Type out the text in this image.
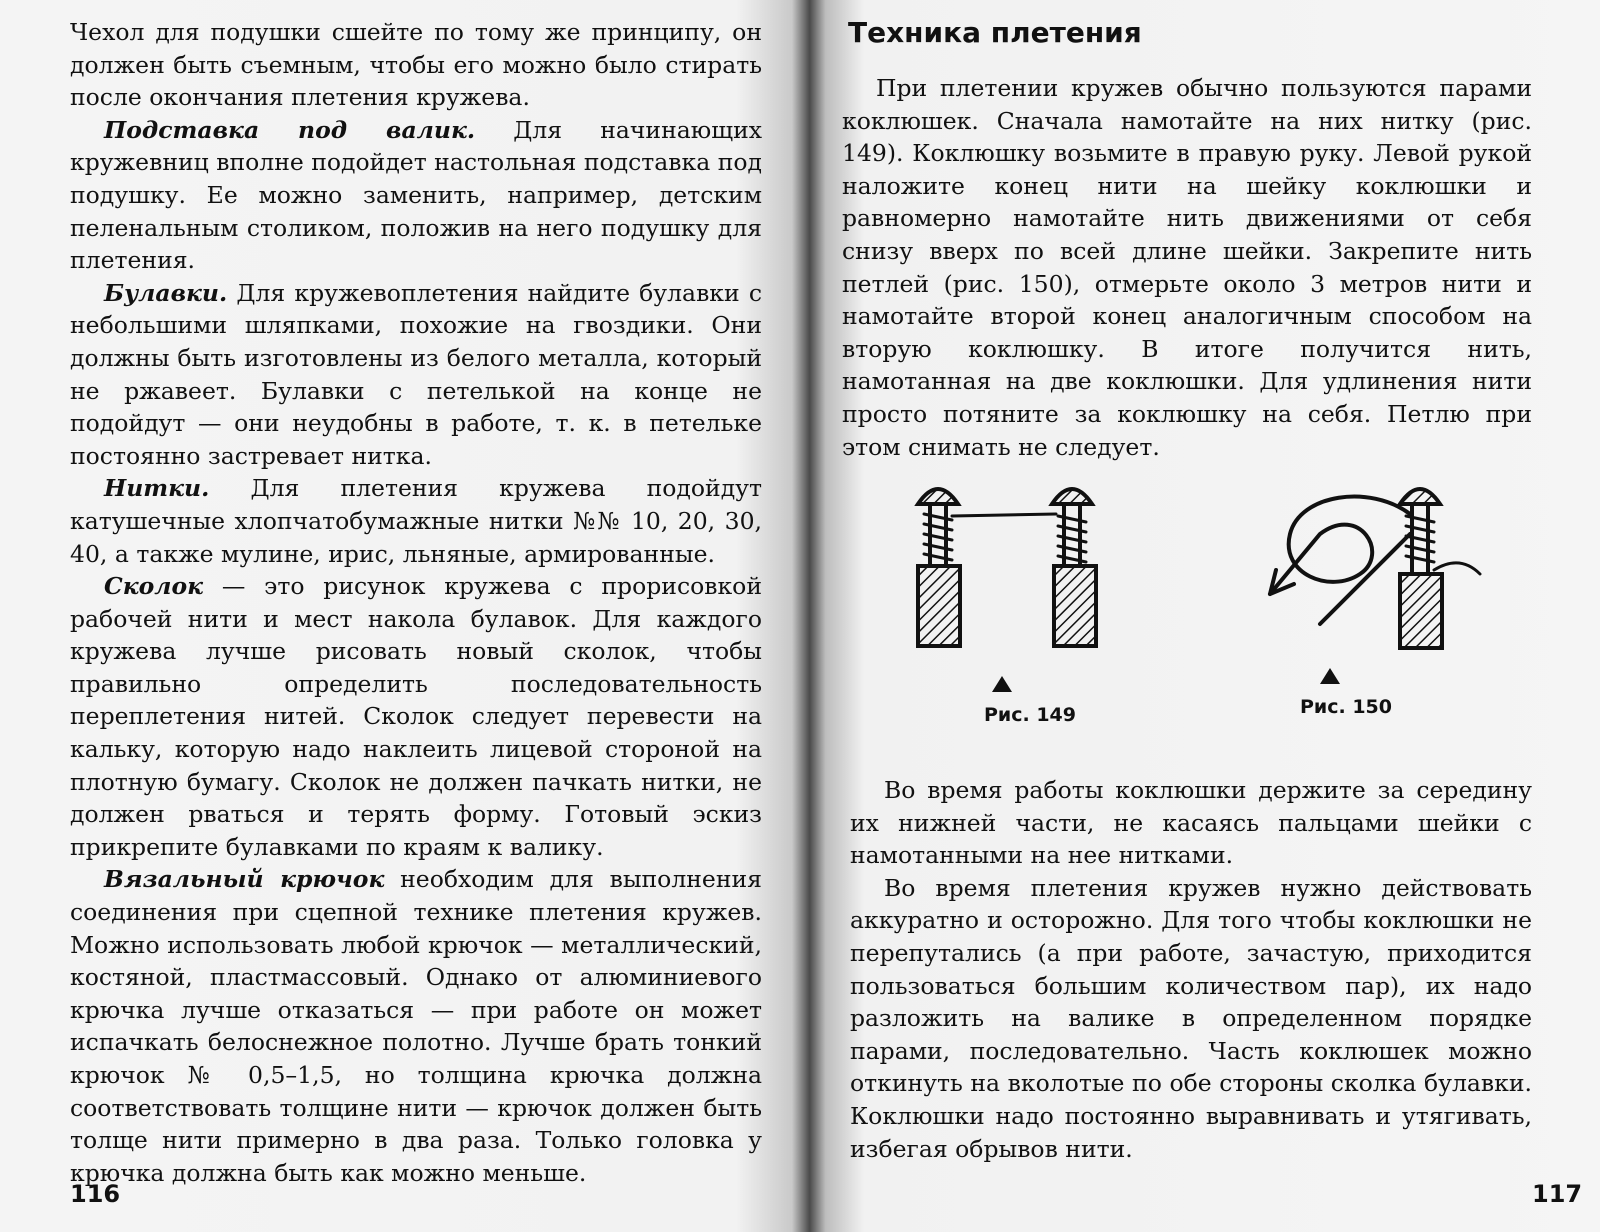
Чехол для подушки сшейте по тому же принципу, он должен быть съемным, чтобы его можно было стирать после окончания плетения кружева.

Подставка под валик. Для начинающих кружевниц вполне подойдет настольная подставка под подушку. Ее можно заменить, например, детским пеленальным столиком, положив на него подушку для плетения.

Булавки. Для кружевоплетения найдите булавки с небольшими шляпками, похожие на гвоздики. Они должны быть изготовлены из белого металла, который не ржавеет. Булавки с петелькой на конце не подойдут — они неудобны в работе, т. к. в петельке постоянно застревает нитка.

Нитки. Для плетения кружева подойдут катушечные хлопчатобумажные нитки №№ 10, 20, 30, 40, а также мулине, ирис, льняные, армированные.

Сколок — это рисунок кружева с прорисовкой рабочей нити и мест накола булавок. Для каждого кружева лучше рисовать новый сколок, чтобы правильно определить последовательность переплетения нитей. Сколок следует перевести на кальку, которую надо наклеить лицевой стороной на плотную бумагу. Сколок не должен пачкать нитки, не должен рваться и терять форму. Готовый эскиз прикрепите булавками по краям к валику.

Вязальный крючок необходим для выполнения соединения при сцепной технике плетения кружев. Можно использовать любой крючок — металлический, костяной, пластмассовый. Однако от алюминиевого крючка лучше отказаться — при работе он может испачкать белоснежное полотно. Лучше брать тонкий крючок № 0,5–1,5, но толщина крючка должна соответствовать толщине нити — крючок должен быть толще нити примерно в два раза. Только головка у крючка должна быть как можно меньше.

116
Техника плетения

При плетении кружев обычно пользуются парами коклюшек. Сначала намотайте на них нитку (рис. 149). Коклюшку возьмите в правую руку. Левой рукой наложите конец нити на шейку коклюшки и равномерно намотайте нить движениями от себя снизу вверх по всей длине шейки. Закрепите нить петлей (рис. 150), отмерьте около 3 метров нити и намотайте второй конец аналогичным способом на вторую коклюшку. В итоге получится нить, намотанная на две коклюшки. Для удлинения нити просто потяните за коклюшку на себя. Петлю при этом снимать не следует.

Рис. 149	Рис. 150

Во время работы коклюшки держите за середину их нижней части, не касаясь пальцами шейки с намотанными на нее нитками.

Во время плетения кружев нужно действовать аккуратно и осторожно. Для того чтобы коклюшки не перепутались (а при работе, зачастую, приходится пользоваться большим количеством пар), их надо разложить на валике в определенном порядке парами, последовательно. Часть коклюшек можно откинуть на вколотые по обе стороны сколка булавки. Коклюшки надо постоянно выравнивать и утягивать, избегая обрывов нити.

117
